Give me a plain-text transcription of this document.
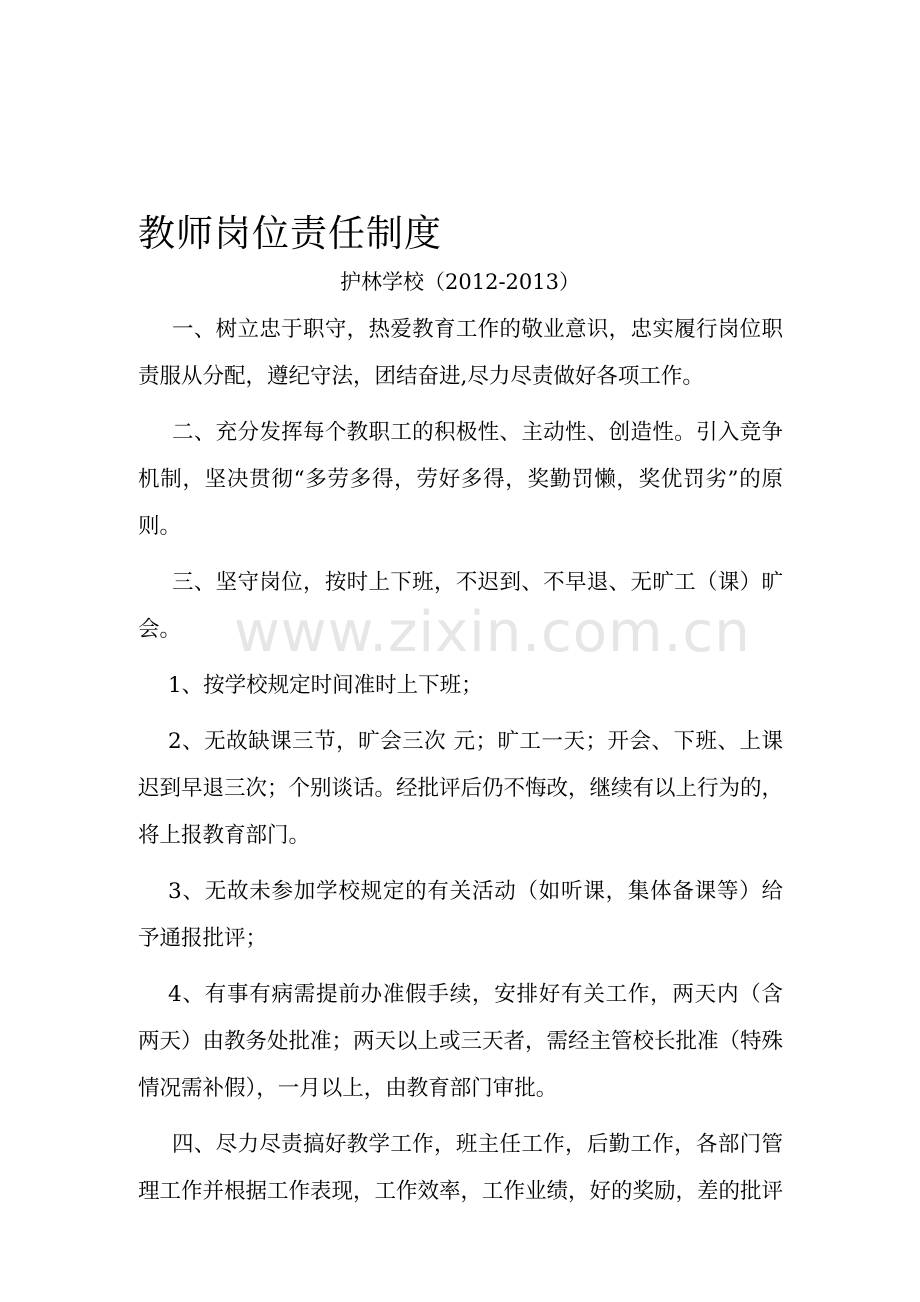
www.zixin.com.cn
教师岗位责任制度

护林学校（2012-2013）

一、树立忠于职守，热爱教育工作的敬业意识，忠实履行岗位职责服从分配，遵纪守法，团结奋进,尽力尽责做好各项工作。

二、充分发挥每个教职工的积极性、主动性、创造性。引入竞争机制，坚决贯彻“多劳多得，劳好多得，奖勤罚懒，奖优罚劣”的原则。

三、坚守岗位，按时上下班，不迟到、不早退、无旷工（课）旷会。

1、按学校规定时间准时上下班；

2、无故缺课三节，旷会三次 元；旷工一天；开会、下班、上课迟到早退三次；个别谈话。经批评后仍不悔改，继续有以上行为的，将上报教育部门。

3、无故未参加学校规定的有关活动（如听课，集体备课等）给予通报批评；

4、有事有病需提前办准假手续，安排好有关工作，两天内（含两天）由教务处批准；两天以上或三天者，需经主管校长批准（特殊情况需补假），一月以上，由教育部门审批。

四、尽力尽责搞好教学工作，班主任工作，后勤工作，各部门管理工作并根据工作表现，工作效率，工作业绩，好的奖励，差的批评
